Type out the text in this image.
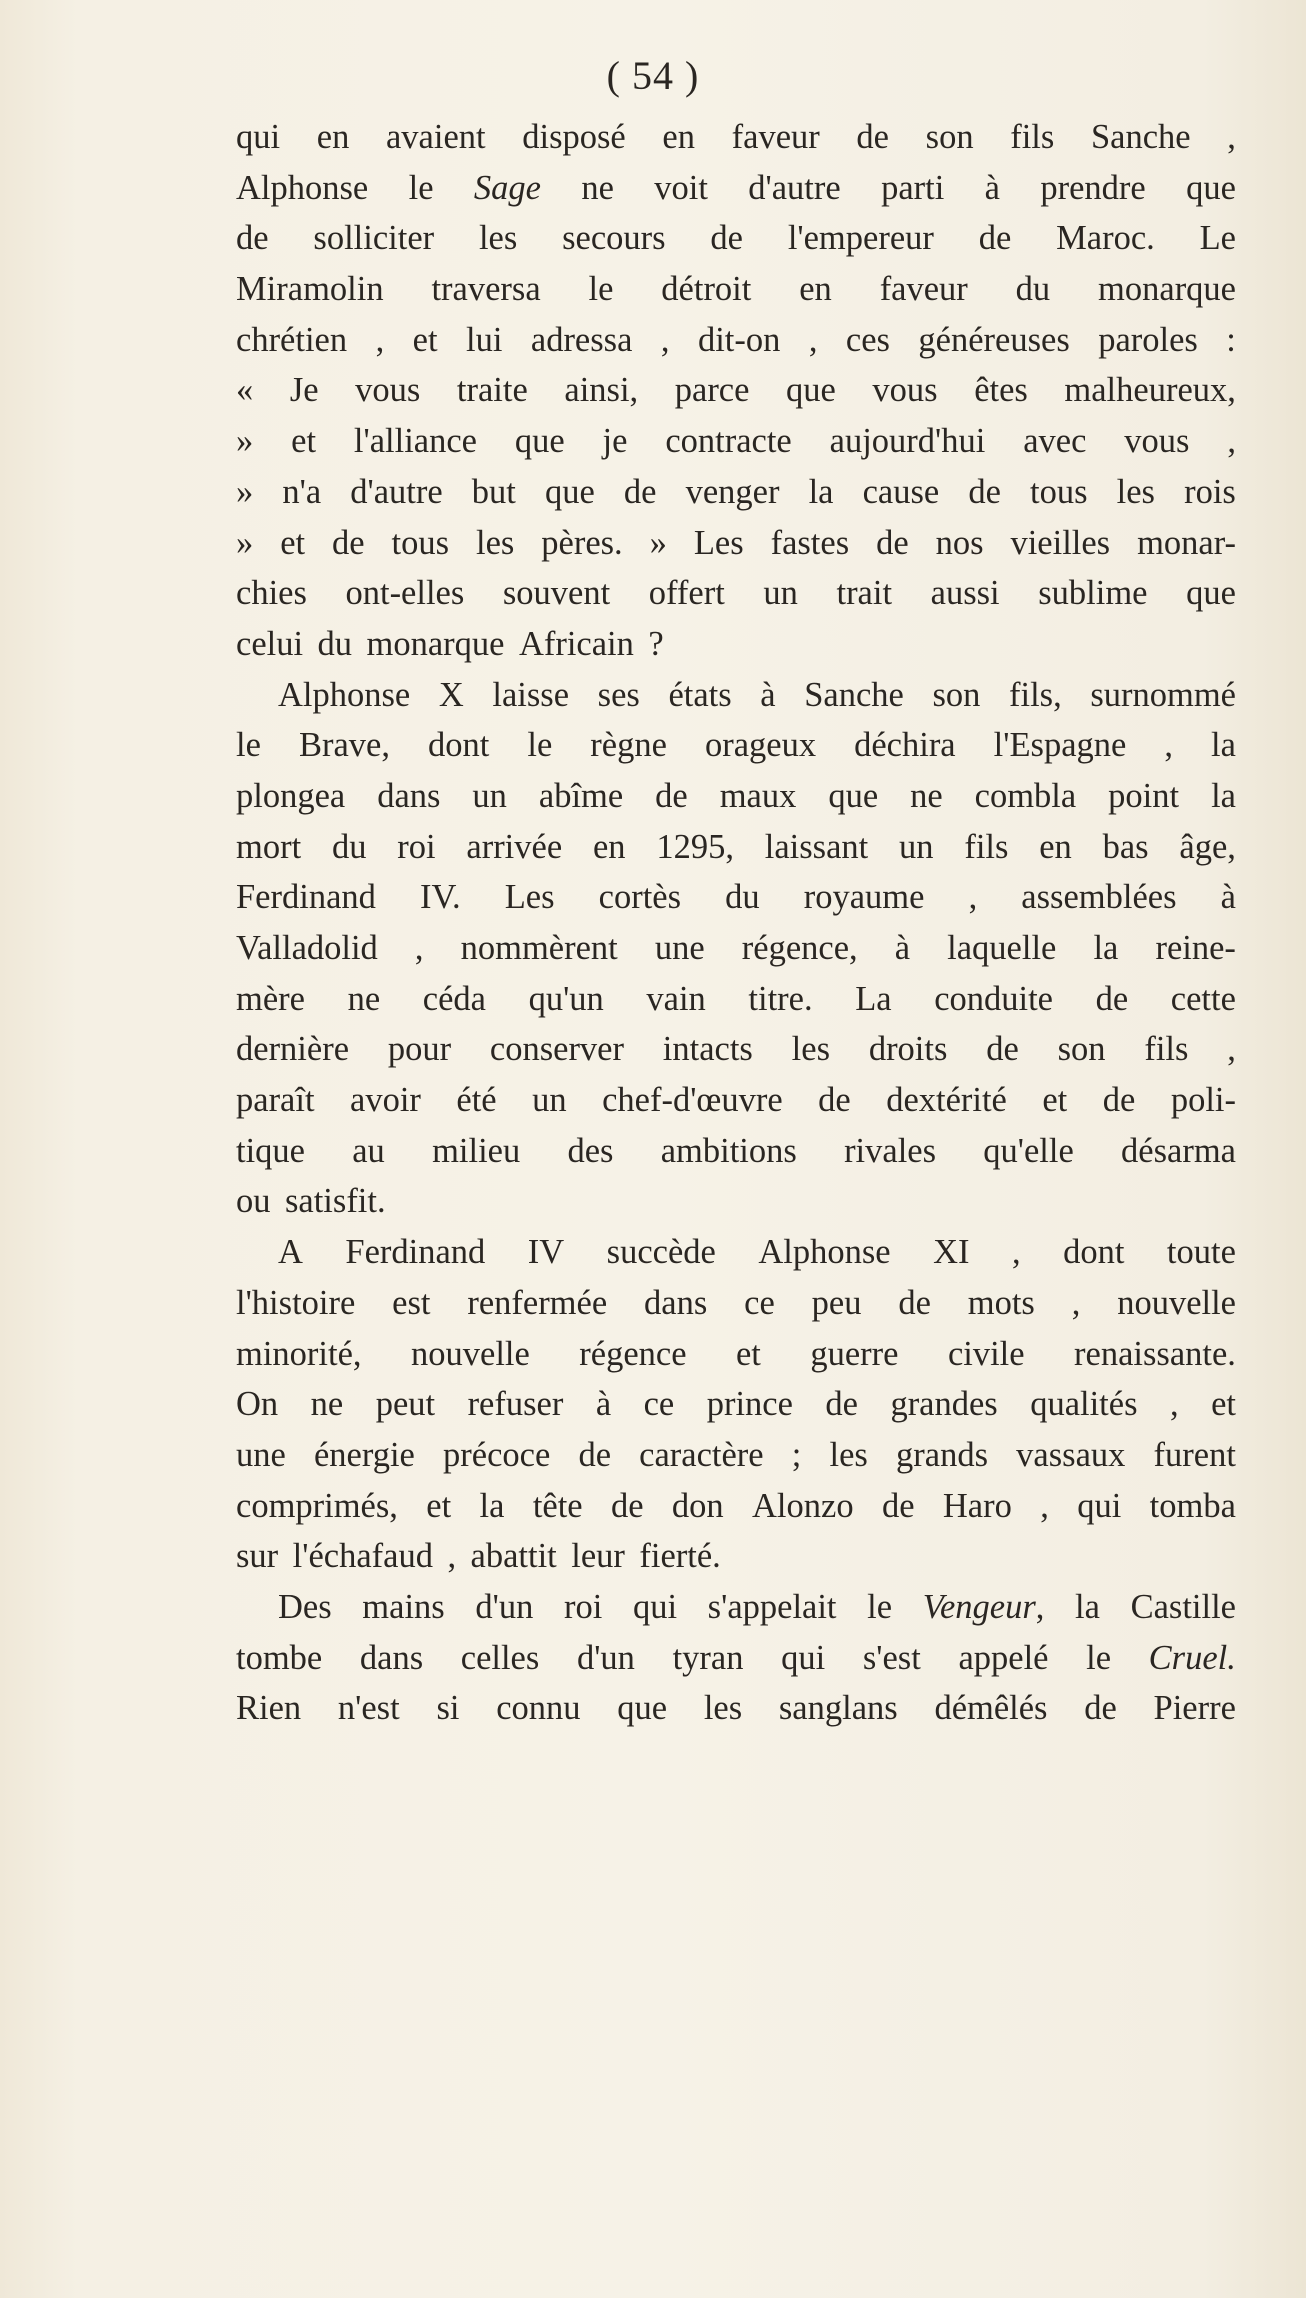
( 54 )
qui en avaient disposé en faveur de son fils Sanche ,
Alphonse le Sage ne voit d'autre parti à prendre que
de solliciter les secours de l'empereur de Maroc. Le
Miramolin traversa le détroit en faveur du monarque
chrétien , et lui adressa , dit-on , ces généreuses paroles :
« Je vous traite ainsi, parce que vous êtes malheureux,
» et l'alliance que je contracte aujourd'hui avec vous ,
» n'a d'autre but que de venger la cause de tous les rois
» et de tous les pères. » Les fastes de nos vieilles monar-
chies ont-elles souvent offert un trait aussi sublime que
celui du monarque Africain ?
Alphonse X laisse ses états à Sanche son fils, surnommé
le Brave, dont le règne orageux déchira l'Espagne , la
plongea dans un abîme de maux que ne combla point la
mort du roi arrivée en 1295, laissant un fils en bas âge,
Ferdinand IV. Les cortès du royaume , assemblées à
Valladolid , nommèrent une régence, à laquelle la reine-
mère ne céda qu'un vain titre. La conduite de cette
dernière pour conserver intacts les droits de son fils ,
paraît avoir été un chef-d'œuvre de dextérité et de poli-
tique au milieu des ambitions rivales qu'elle désarma
ou satisfit.
A Ferdinand IV succède Alphonse XI , dont toute
l'histoire est renfermée dans ce peu de mots , nouvelle
minorité, nouvelle régence et guerre civile renaissante.
On ne peut refuser à ce prince de grandes qualités , et
une énergie précoce de caractère ; les grands vassaux furent
comprimés, et la tête de don Alonzo de Haro , qui tomba
sur l'échafaud , abattit leur fierté.
Des mains d'un roi qui s'appelait le Vengeur, la Castille
tombe dans celles d'un tyran qui s'est appelé le Cruel.
Rien n'est si connu que les sanglans démêlés de Pierre
